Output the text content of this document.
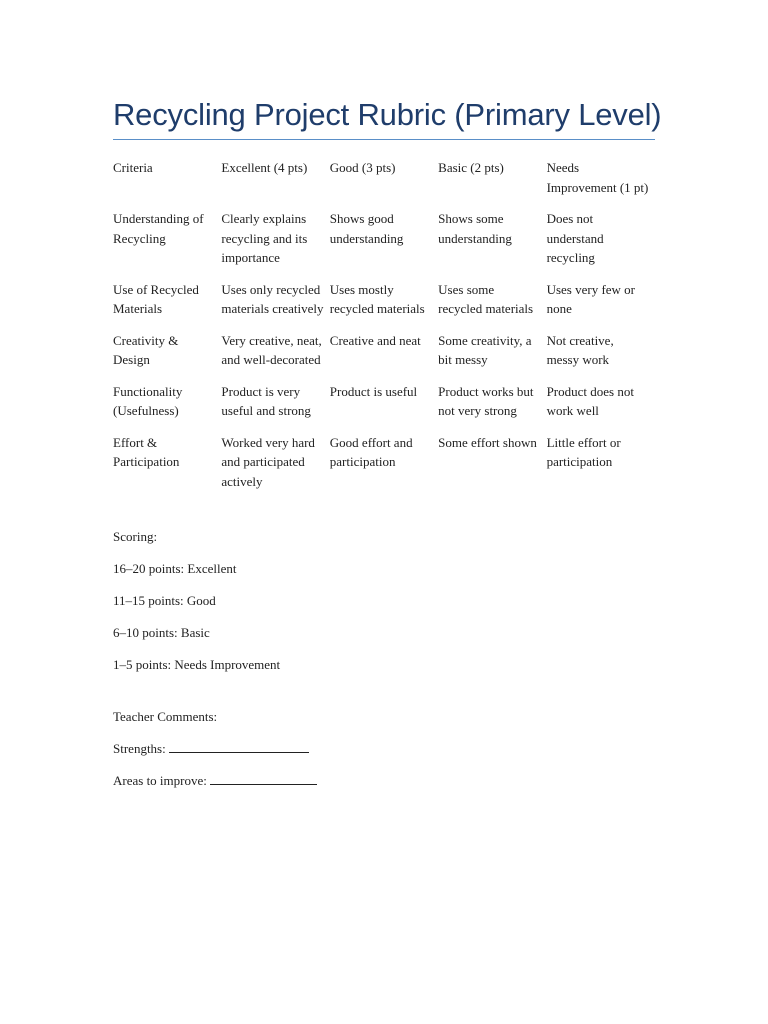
Recycling Project Rubric (Primary Level)
Criteria	Excellent (4 pts)	Good (3 pts)	Basic (2 pts)	Needs Improvement (1 pt)
Understanding of Recycling	Clearly explains recycling and its importance	Shows good understanding	Shows some understanding	Does not understand recycling
Use of Recycled Materials	Uses only recycled materials creatively	Uses mostly recycled materials	Uses some recycled materials	Uses very few or none
Creativity & Design	Very creative, neat, and well-decorated	Creative and neat	Some creativity, a bit messy	Not creative, messy work
Functionality (Usefulness)	Product is very useful and strong	Product is useful	Product works but not very strong	Product does not work well
Effort & Participation	Worked very hard and participated actively	Good effort and participation	Some effort shown	Little effort or participation

Scoring:

16–20 points: Excellent

11–15 points: Good

6–10 points: Basic

1–5 points: Needs Improvement

Teacher Comments:

Strengths:

Areas to improve:
